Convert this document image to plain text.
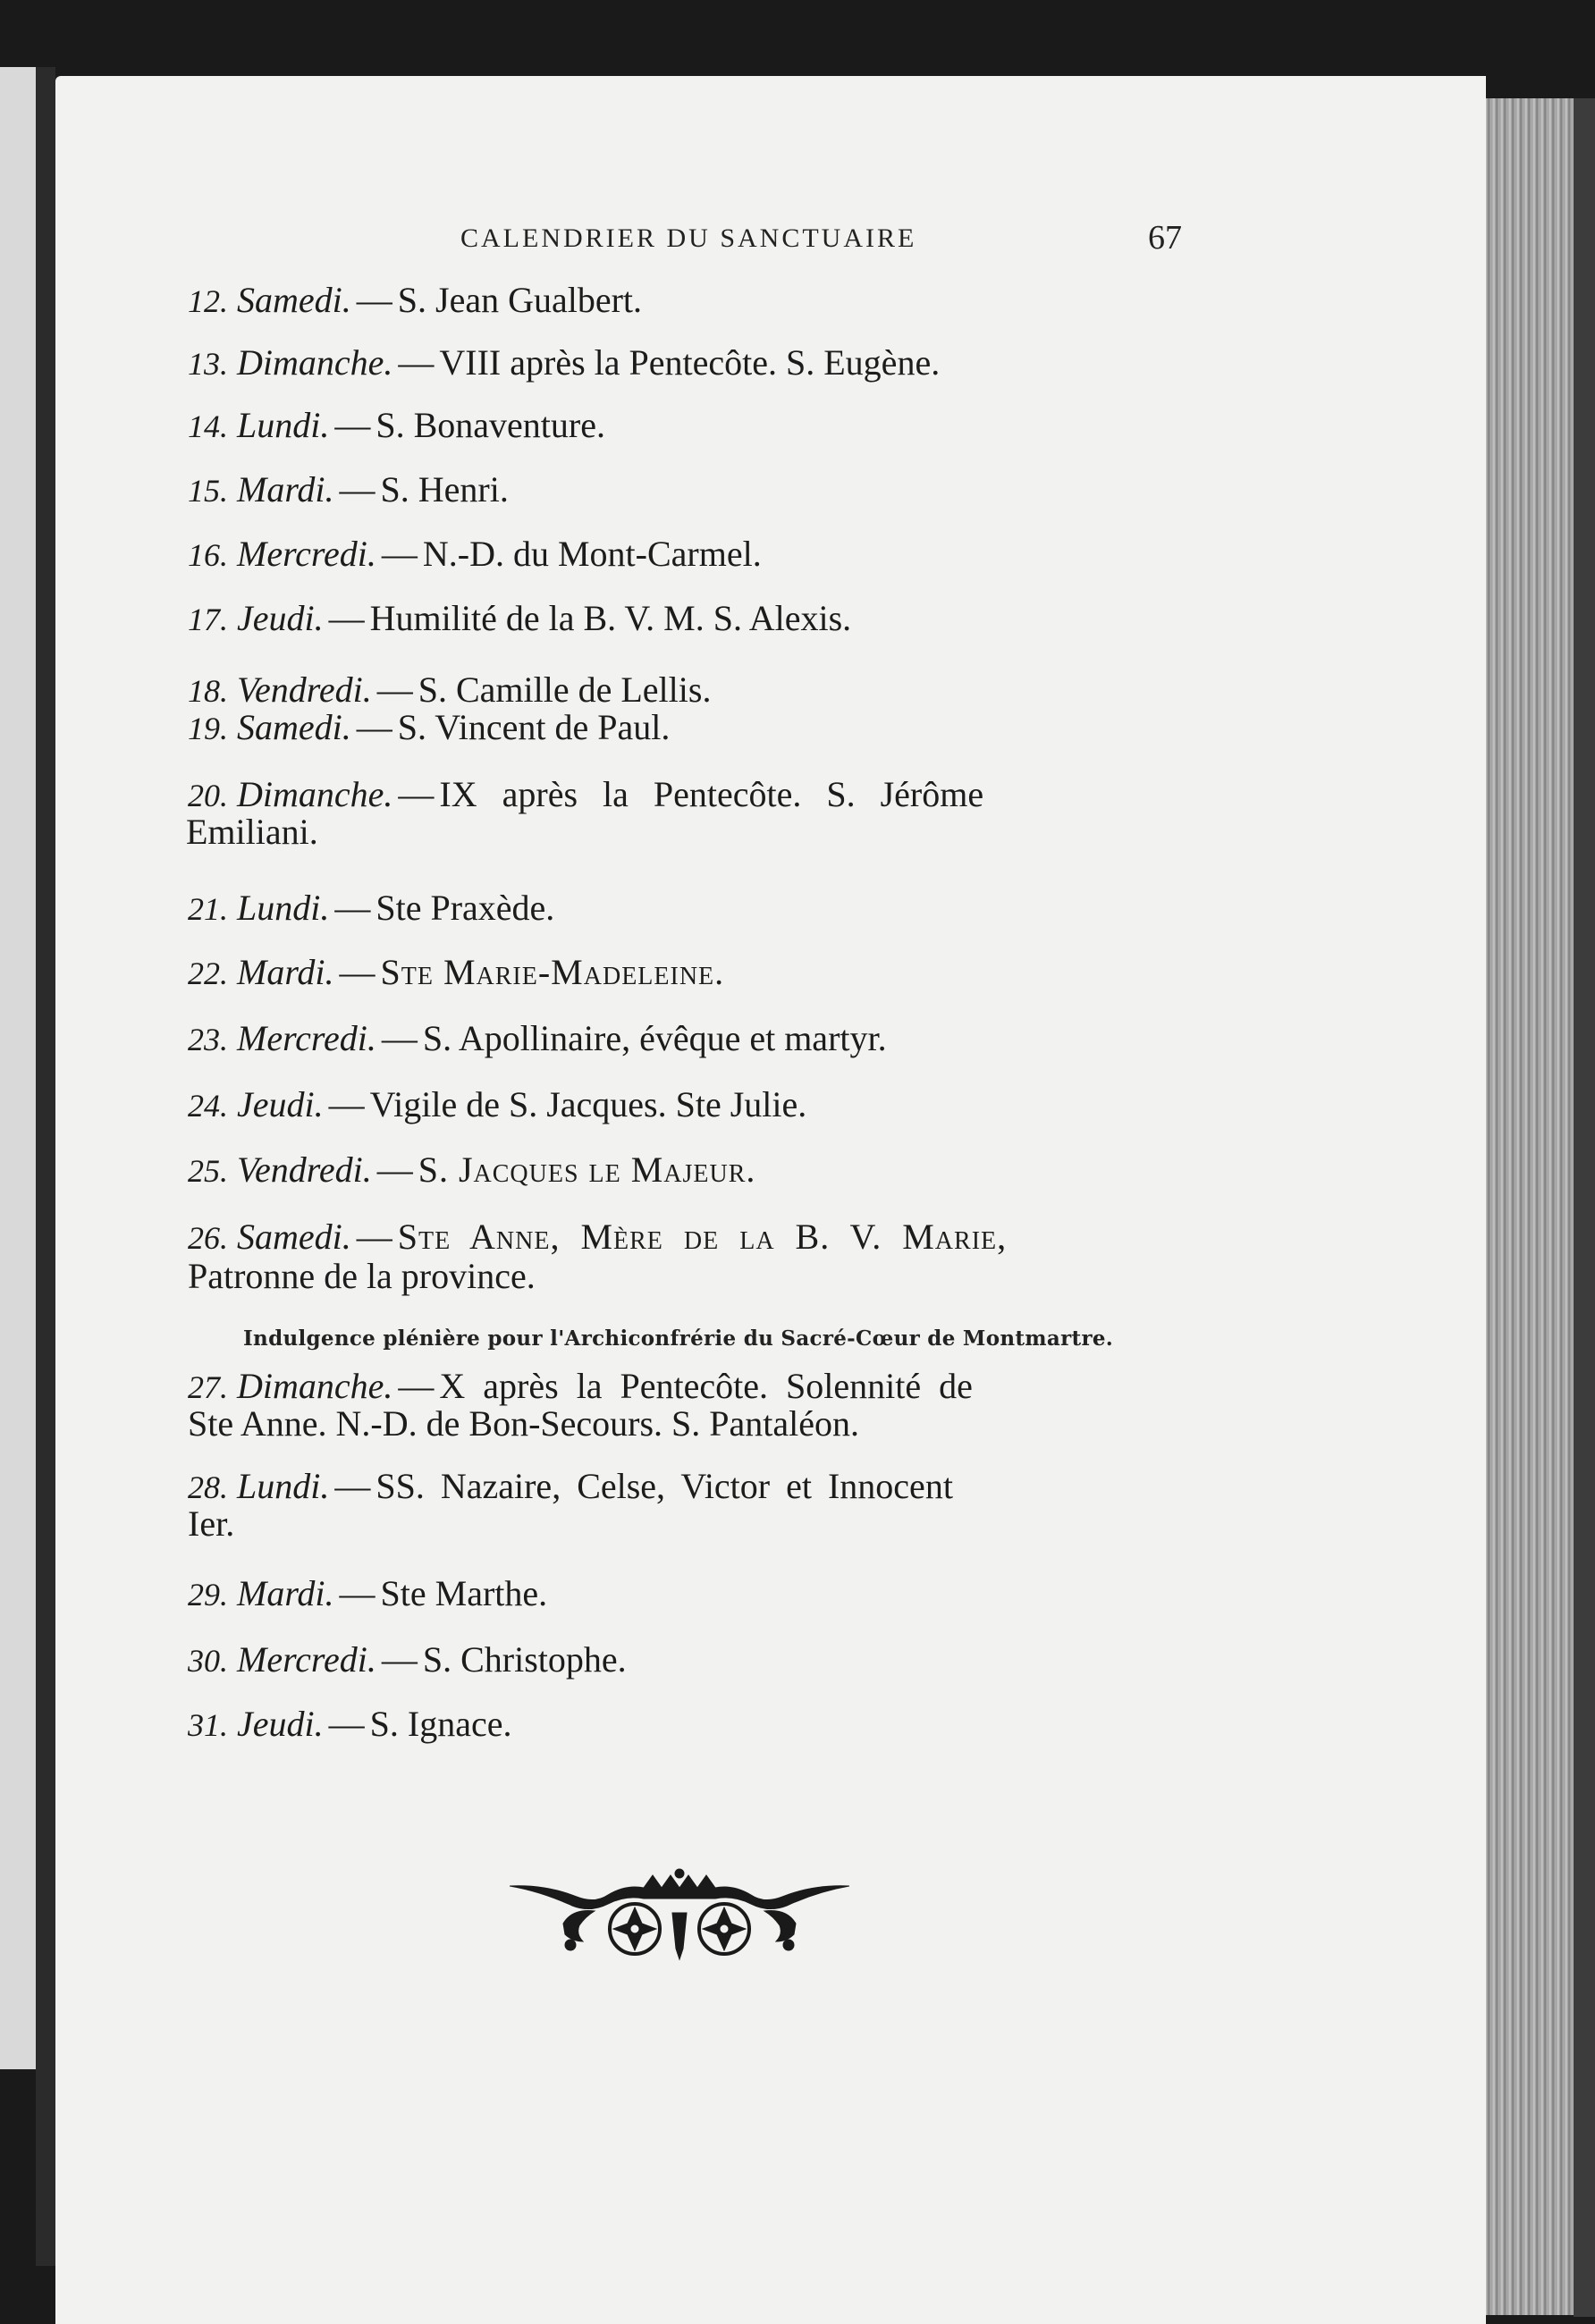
CALENDRIER DU SANCTUAIRE	67
12. Samedi. — S. Jean Gualbert.
13. Dimanche. — VIII après la Pentecôte. S. Eugène.
14. Lundi. — S. Bonaventure.
15. Mardi. — S. Henri.
16. Mercredi. — N.-D. du Mont-Carmel.
17. Jeudi. — Humilité de la B. V. M. S. Alexis.
18. Vendredi. — S. Camille de Lellis.
19. Samedi. — S. Vincent de Paul.
20. Dimanche. — IX après la Pentecôte. S. Jérôme
Emiliani.
21. Lundi. — Ste Praxède.
22. Mardi. — Ste Marie-Madeleine.
23. Mercredi. — S. Apollinaire, évêque et martyr.
24. Jeudi. — Vigile de S. Jacques. Ste Julie.
25. Vendredi. — S. Jacques le Majeur.
26. Samedi. — Ste Anne, Mère de la B. V. Marie,
Patronne de la province.
Indulgence plénière pour l'Archiconfrérie du Sacré-Cœur de Montmartre.
27. Dimanche. — X après la Pentecôte. Solennité de
Ste Anne. N.-D. de Bon-Secours. S. Pantaléon.
28. Lundi. — SS. Nazaire, Celse, Victor et Innocent
Ier.
29. Mardi. — Ste Marthe.
30. Mercredi. — S. Christophe.
31. Jeudi. — S. Ignace.
